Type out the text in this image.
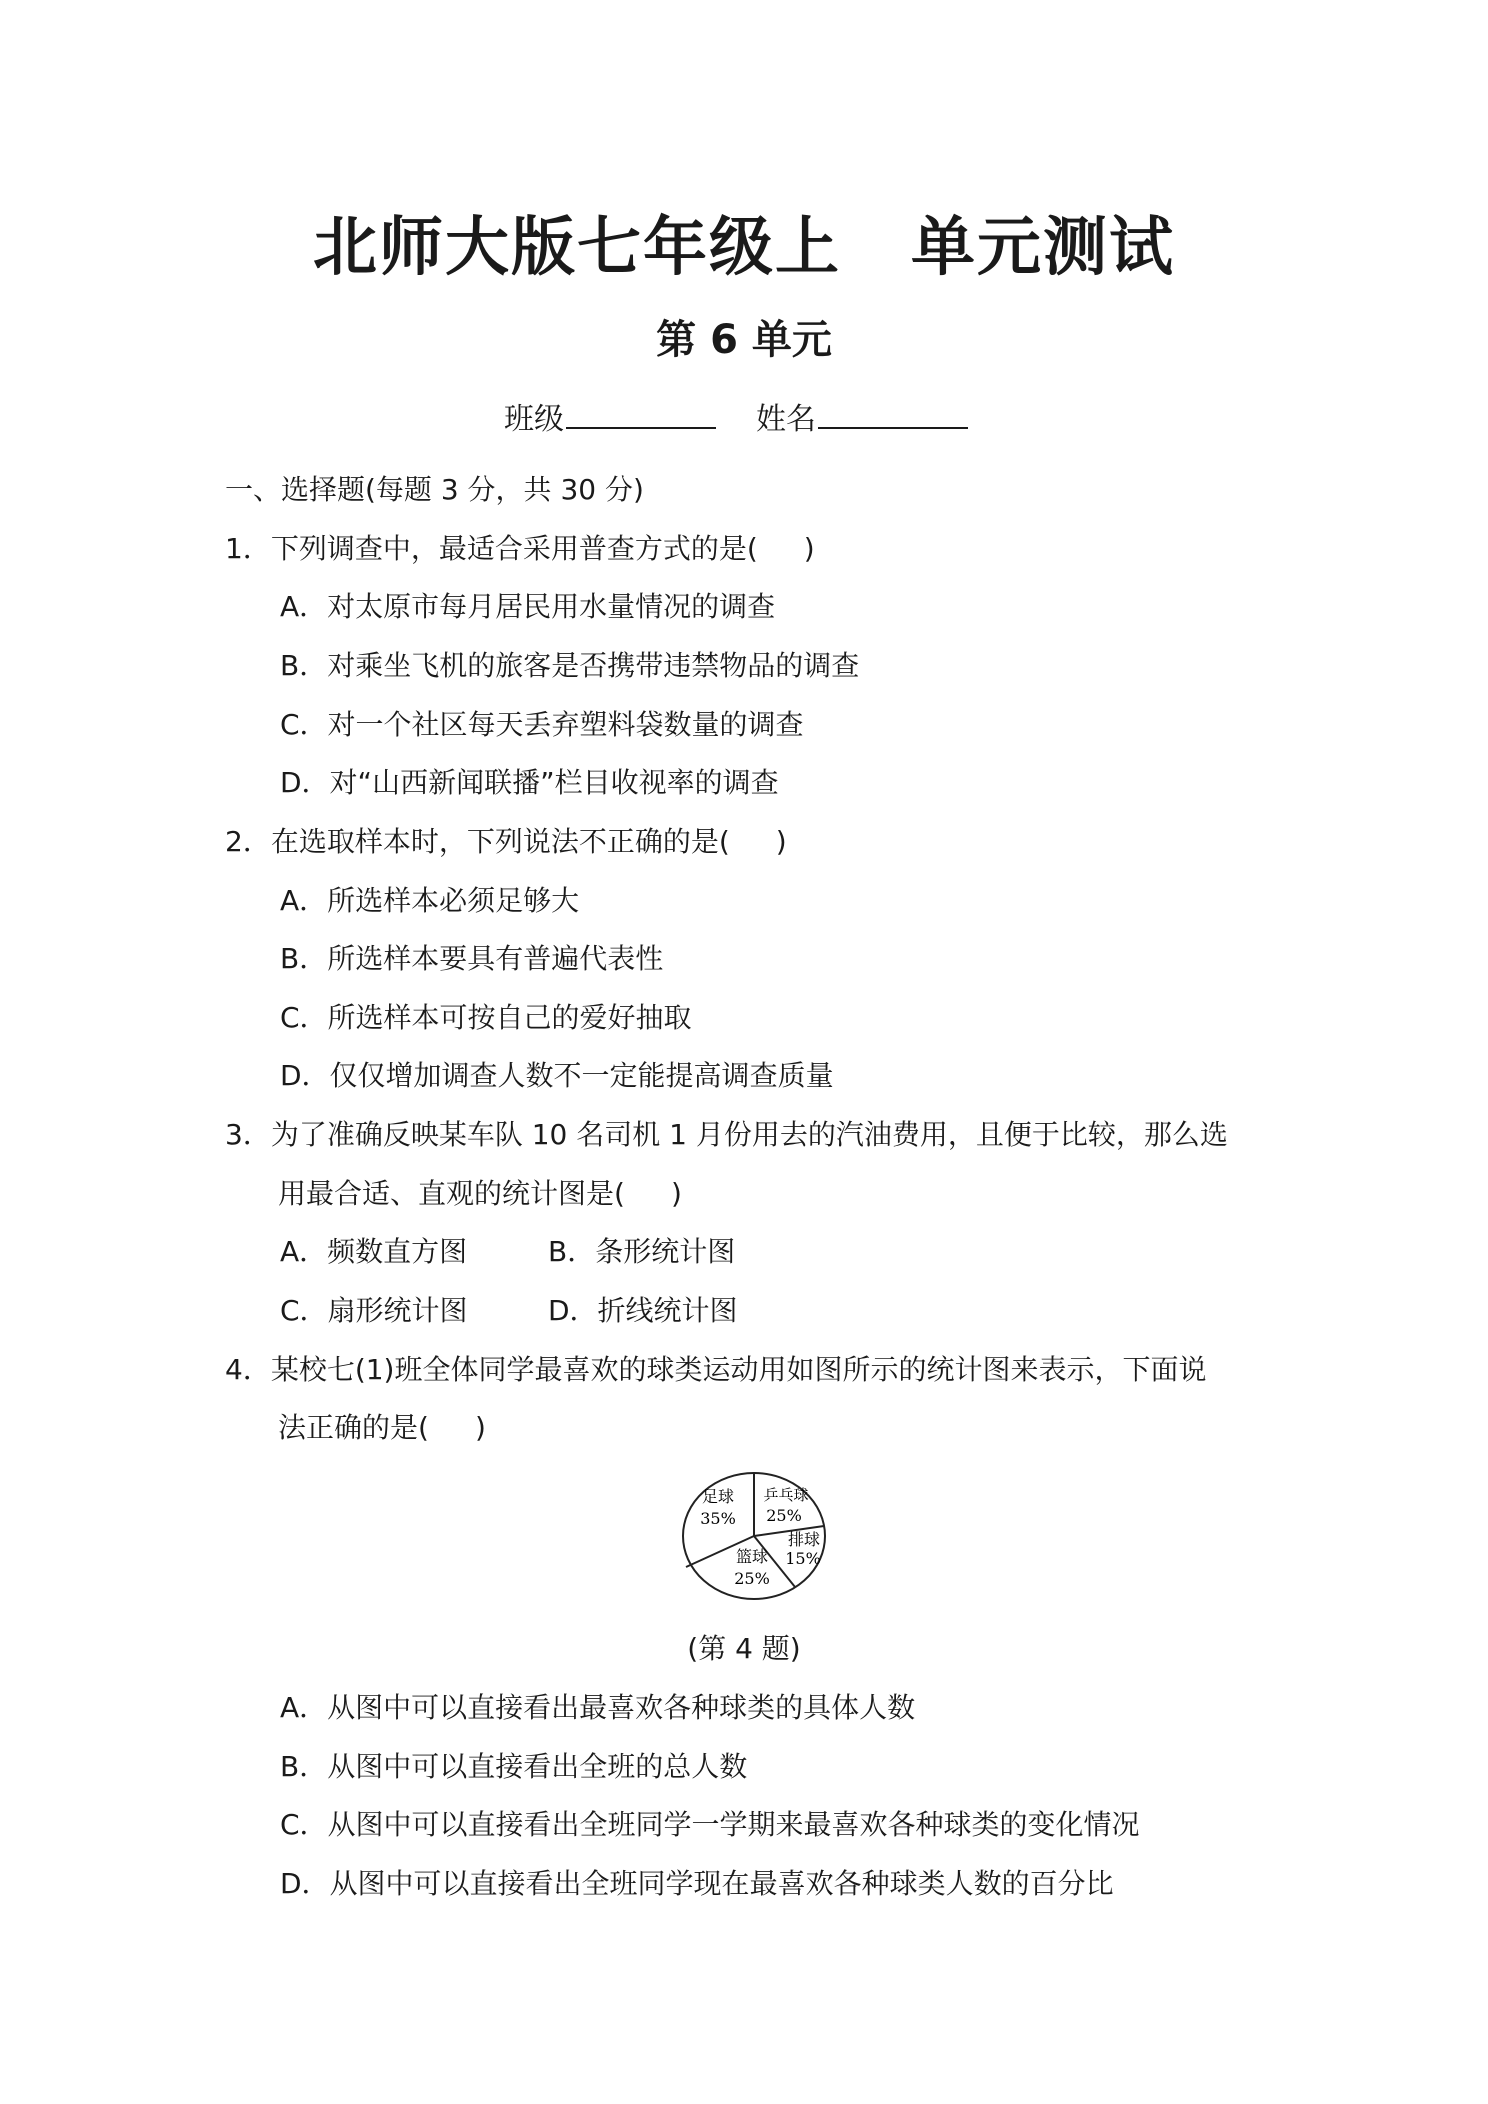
北师大版七年级上 单元测试
第 6 单元
班级	姓名
一、选择题(每题 3 分，共 30 分)
1．下列调查中，最适合采用普查方式的是( )
A．对太原市每月居民用水量情况的调查
B．对乘坐飞机的旅客是否携带违禁物品的调查
C．对一个社区每天丢弃塑料袋数量的调查
D．对“山西新闻联播”栏目收视率的调查
2．在选取样本时，下列说法不正确的是( )
A．所选样本必须足够大
B．所选样本要具有普遍代表性
C．所选样本可按自己的爱好抽取
D．仅仅增加调查人数不一定能提高调查质量
3．为了准确反映某车队 10 名司机 1 月份用去的汽油费用，且便于比较，那么选
用最合适、直观的统计图是( )
A．频数直方图	B．条形统计图
C．扇形统计图	D．折线统计图
4．某校七(1)班全体同学最喜欢的球类运动用如图所示的统计图来表示，下面说
法正确的是( )
足球
35%
乒乓球
25%
排球
15%
篮球
25%
(第 4 题)
A．从图中可以直接看出最喜欢各种球类的具体人数
B．从图中可以直接看出全班的总人数
C．从图中可以直接看出全班同学一学期来最喜欢各种球类的变化情况
D．从图中可以直接看出全班同学现在最喜欢各种球类人数的百分比
